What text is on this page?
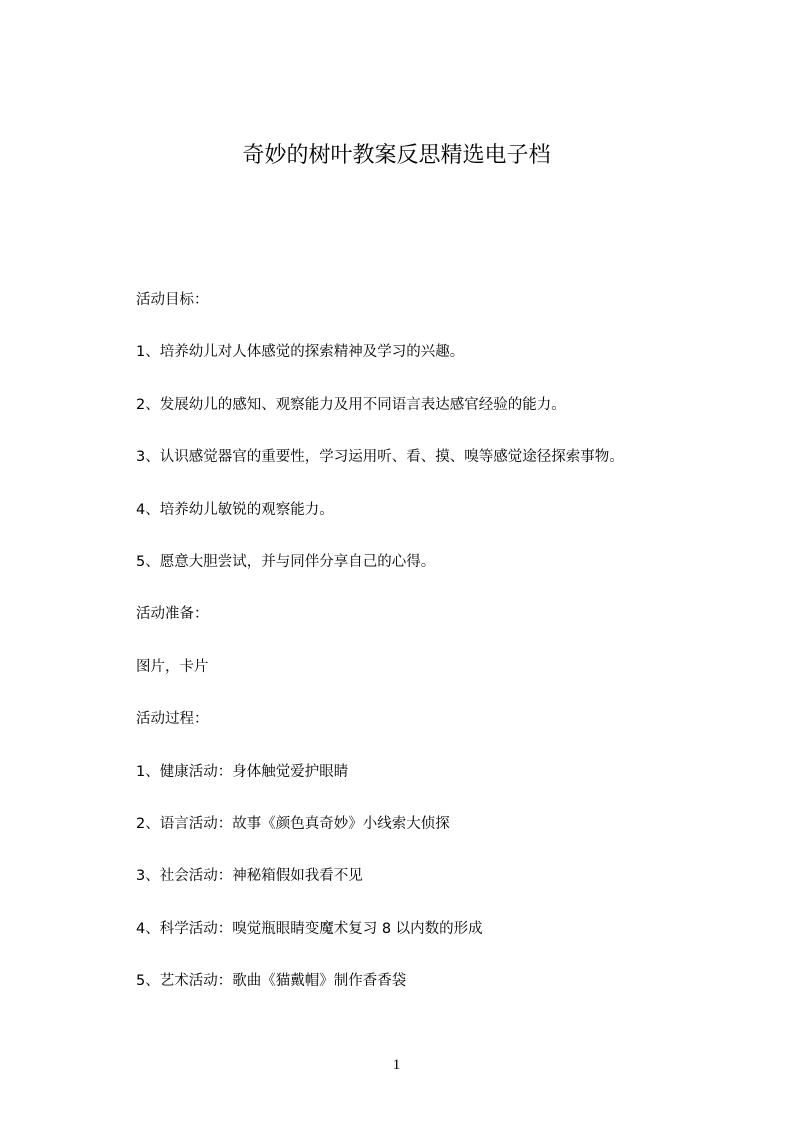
奇妙的树叶教案反思精选电子档

活动目标：

1、培养幼儿对人体感觉的探索精神及学习的兴趣。

2、发展幼儿的感知、观察能力及用不同语言表达感官经验的能力。

3、认识感觉器官的重要性，学习运用听、看、摸、嗅等感觉途径探索事物。

4、培养幼儿敏锐的观察能力。

5、愿意大胆尝试，并与同伴分享自己的心得。

活动准备：

图片，卡片

活动过程：

1、健康活动：身体触觉爱护眼睛

2、语言活动：故事《颜色真奇妙》小线索大侦探

3、社会活动：神秘箱假如我看不见

4、科学活动：嗅觉瓶眼睛变魔术复习 8 以内数的形成

5、艺术活动：歌曲《猫戴帽》制作香香袋

1
